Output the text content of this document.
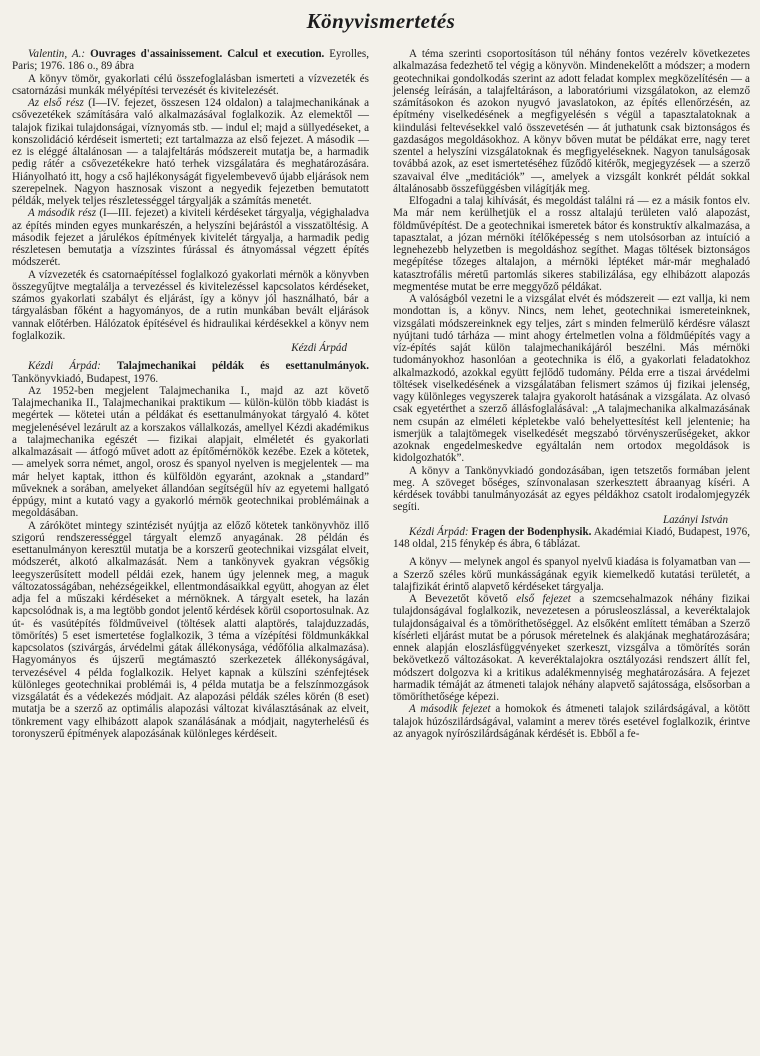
Könyvismertetés

Valentin, A.: Ouvrages d'assainissement. Calcul et execution. Eyrolles, Paris; 1976. 186 o., 89 ábra

A könyv tömör, gyakorlati célú összefoglalásban ismerteti a vízvezeték és csatornázási munkák mélyépítési tervezését és kivitelezését.

Az első rész (I—IV. fejezet, összesen 124 oldalon) a talajmechanikának a csővezetékek számítására való alkalmazásával foglalkozik. Az elemektől — talajok fizikai tulajdonságai, víznyomás stb. — indul el; majd a süllyedéseket, a konszolidáció kérdéseit ismerteti; ezt tartalmazza az első fejezet. A második — ez is eléggé általánosan — a talajfeltárás módszereit mutatja be, a harmadik pedig rátér a csővezetékekre ható terhek vizsgálatára és meghatározására. Hiányolható itt, hogy a cső hajlékonyságát figyelembevevő újabb eljárások nem szerepelnek. Nagyon hasznosak viszont a negyedik fejezetben bemutatott példák, melyek teljes részletességgel tárgyalják a számítás menetét.

A második rész (I—III. fejezet) a kiviteli kérdéseket tárgyalja, végighaladva az építés minden egyes munkarészén, a helyszíni bejárástól a visszatöltésig. A második fejezet a járulékos építmények kivitelét tárgyalja, a harmadik pedig részletesen bemutatja a vízszintes fúrással és átnyomással végzett építés módszerét.

A vízvezeték és csatornaépítéssel foglalkozó gyakorlati mérnök a könyvben összegyűjtve megtalálja a tervezéssel és kivitelezéssel kapcsolatos kérdéseket, számos gyakorlati szabályt és eljárást, így a könyv jól használható, bár a tárgyalásban főként a hagyományos, de a rutin munkában bevált eljárások vannak előtérben. Hálózatok építésével és hidraulikai kérdésekkel a könyv nem foglalkozik.

Kézdi Árpád

Kézdi Árpád: Talajmechanikai példák és esettanulmányok. Tankönyvkiadó, Budapest, 1976.

Az 1952-ben megjelent Talajmechanika I., majd az azt követő Talajmechanika II., Talajmechanikai praktikum — külön-külön több kiadást is megértek — kötetei után a példákat és esettanulmányokat tárgyaló 4. kötet megjelenésével lezárult az a korszakos vállalkozás, amellyel Kézdi akadémikus a talajmechanika egészét — fizikai alapjait, elméletét és gyakorlati alkalmazásait — átfogó művet adott az építőmérnökök kezébe. Ezek a kötetek, — amelyek sorra német, angol, orosz és spanyol nyelven is megjelentek — ma már helyet kaptak, itthon és külföldön egyaránt, azoknak a „standard” műveknek a sorában, amelyeket állandóan segítségül hív az egyetemi hallgató éppúgy, mint a kutató vagy a gyakorló mérnök geotechnikai problémáinak a megoldásában.

A zárókötet mintegy szintézisét nyújtja az előző kötetek tankönyvhöz illő szigorú rendszerességgel tárgyalt elemző anyagának. 28 példán és esettanulmányon keresztül mutatja be a korszerű geotechnikai vizsgálat elveit, módszerét, alkotó alkalmazását. Nem a tankönyvek gyakran végsőkig leegyszerűsített modell példái ezek, hanem úgy jelennek meg, a maguk változatosságában, nehézségeikkel, ellentmondásaikkal együtt, ahogyan az élet adja fel a műszaki kérdéseket a mérnöknek. A tárgyalt esetek, ha lazán kapcsolódnak is, a ma legtöbb gondot jelentő kérdések körül csoportosulnak. Az út- és vasútépítés földműveivel (töltések alatti alaptörés, talajduzzadás, tömörítés) 5 eset ismertetése foglalkozik, 3 téma a vízépítési földmunkákkal kapcsolatos (szivárgás, árvédelmi gátak állékonysága, védőfólia alkalmazása). Hagyományos és újszerű megtámasztó szerkezetek állékonyságával, tervezésével 4 példa foglalkozik. Helyet kapnak a külszíni szénfejtések különleges geotechnikai problémái is, 4 példa mutatja be a felszínmozgások vizsgálatát és a védekezés módjait. Az alapozási példák széles körén (8 eset) mutatja be a szerző az optimális alapozási változat kiválasztásának az elveit, tönkrement vagy elhibázott alapok szanálásának a módjait, nagyterhelésű és toronyszerű építmények alapozásának különleges kérdéseit.

A téma szerinti csoportosításon túl néhány fontos vezérelv következetes alkalmazása fedezhető tel végig a könyvön. Mindenekelőtt a módszer; a modern geotechnikai gondolkodás szerint az adott feladat komplex megközelítésén — a jelenség leírásán, a talajfeltáráson, a laboratóriumi vizsgálatokon, az elemző számításokon és azokon nyugvó javaslatokon, az építés ellenőrzésén, az építmény viselkedésének a megfigyelésén s végül a tapasztalatoknak a kiindulási feltevésekkel való összevetésén — át juthatunk csak biztonságos és gazdaságos megoldásokhoz. A könyv bőven mutat be példákat erre, nagy teret szentel a helyszíni vizsgálatoknak és megfigyeléseknek. Nagyon tanulságosak továbbá azok, az eset ismertetéséhez fűződő kitérők, megjegyzések — a szerző szavaival élve „meditációk” —, amelyek a vizsgált konkrét példát sokkal általánosabb összefüggésben világítják meg.

Elfogadni a talaj kihívását, és megoldást találni rá — ez a másik fontos elv. Ma már nem kerülhetjük el a rossz altalajú területen való alapozást, földművépítést. De a geotechnikai ismeretek bátor és konstruktív alkalmazása, a tapasztalat, a józan mérnöki ítélőképesség s nem utolsósorban az intuíció a legnehezebb helyzetben is megoldáshoz segíthet. Magas töltések biztonságos megépítése tőzeges altalajon, a mérnöki léptéket már-már meghaladó katasztrofális méretű partomlás sikeres stabilizálása, egy elhibázott alapozás megmentése mutat be erre meggyőző példákat.

A valóságból vezetni le a vizsgálat elvét és módszereit — ezt vallja, ki nem mondottan is, a könyv. Nincs, nem lehet, geotechnikai ismereteinknek, vizsgálati módszereinknek egy teljes, zárt s minden felmerülő kérdésre választ nyújtani tudó tárháza — mint ahogy értelmetlen volna a földműépítés vagy a víz-építés saját külön talajmechanikájáról beszélni. Más mérnöki tudományokhoz hasonlóan a geotechnika is élő, a gyakorlati feladatokhoz alkalmazkodó, azokkal együtt fejlődő tudomány. Példa erre a tiszai árvédelmi töltések viselkedésének a vizsgálatában felismert számos új fizikai jelenség, vagy különleges vegyszerek talajra gyakorolt hatásának a vizsgálata. Az olvasó csak egyetérthet a szerző állásfoglalásával: „A talajmechanika alkalmazásának nem csupán az elméleti képletekbe való behelyettesítést kell jelentenie; ha ismerjük a talajtömegek viselkedését megszabó törvényszerűségeket, akkor azoknak engedelmeskedve egyáltalán nem ortodox megoldások is kidolgozhatók”.

A könyv a Tankönyvkiadó gondozásában, igen tetszetős formában jelent meg. A szöveget bőséges, színvonalasan szerkesztett ábraanyag kíséri. A kérdések további tanulmányozását az egyes példákhoz csatolt irodalomjegyzék segíti.

Lazányi István

Kézdi Árpád: Fragen der Bodenphysik. Akadémiai Kiadó, Budapest, 1976, 148 oldal, 215 fénykép és ábra, 6 táblázat.

A könyv — melynek angol és spanyol nyelvű kiadása is folyamatban van — a Szerző széles körű munkásságának egyik kiemelkedő kutatási területét, a talajfizikát érintő alapvető kérdéseket tárgyalja.

A Bevezetőt követő első fejezet a szemcsehalmazok néhány fizikai tulajdonságával foglalkozik, nevezetesen a pórusleoszlással, a keveréktalajok tulajdonságaival és a tömöríthetőséggel. Az elsőként említett témában a Szerző kísérleti eljárást mutat be a pórusok méretelnek és alakjának meghatározására; ennek alapján eloszlásfüggvényeket szerkeszt, vizsgálva a tömörítés során bekövetkező változásokat. A keveréktalajokra osztályozási rendszert állít fel, módszert dolgozva ki a kritikus adalékmennyiség meghatározására. A fejezet harmadik témáját az átmeneti talajok néhány alapvető sajátossága, elsősorban a tömöríthetősége képezi.

A második fejezet a homokok és átmeneti talajok szilárdságával, a kötött talajok húzószilárdságával, valamint a merev törés esetével foglalkozik, érintve az anyagok nyírószilárdságának kérdését is. Ebből a fe-
